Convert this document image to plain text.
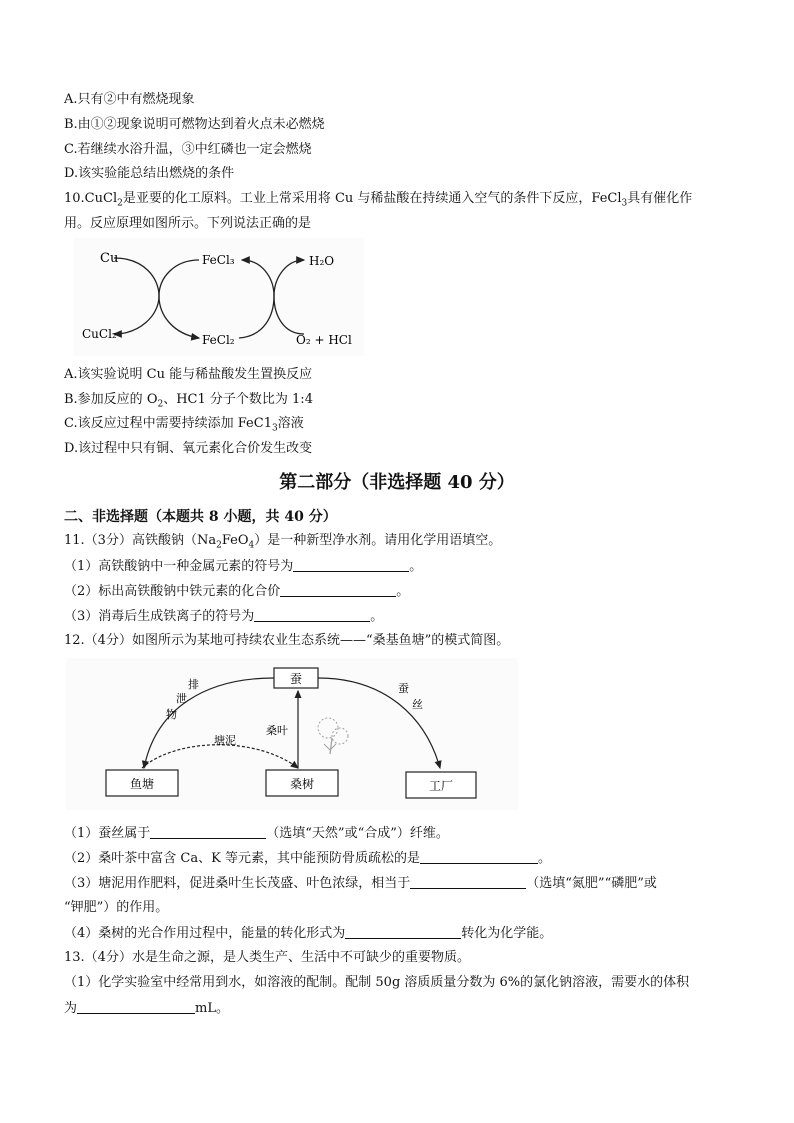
A.只有②中有燃烧现象
B.由①②现象说明可燃物达到着火点未必燃烧
C.若继续水浴升温，③中红磷也一定会燃烧
D.该实验能总结出燃烧的条件
10.CuCl$_2$是亚要的化工原料。工业上常采用将 Cu 与稀盐酸在持续通入空气的条件下反应，FeCl$_3$具有催化作
用。反应原理如图所示。下列说法正确的是
Cu	FeCl₃	H₂O
CuCl₂	FeCl₂	O₂ + HCl
A.该实验说明 Cu 能与稀盐酸发生置换反应
B.参加反应的 $O_2$、HC1 分子个数比为 1:4
C.该反应过程中需要持续添加 $FeC1_3$溶液
D.该过程中只有铜、氧元素化合价发生改变
第二部分（非选择题 40 分）
二、非选择题（本题共 8 小题，共 40 分）
11.（3分）高铁酸钠$(Na_2FeO_4)$是一种新型净水剂。请用化学用语填空。
（1）高铁酸钠中一种金属元素的符号为	。
（2）标出高铁酸钠中铁元素的化合价	。
（3）消毒后生成铁离子的符号为	。
12.（4分）如图所示为某地可持续农业生态系统——“桑基鱼塘”的模式简图。
蚕
鱼塘	桑树	工厂
排
泄
物
塘泥
桑叶
蚕
丝
（1）蚕丝属于	（选填“天然”或“合成”）纤维。
（2）桑叶茶中富含 Ca、K 等元素，其中能预防骨质疏松的是	。
（3）塘泥用作肥料，促进桑叶生长茂盛、叶色浓绿，相当于	（选填“氮肥”“磷肥”或
“钾肥”）的作用。
（4）桑树的光合作用过程中，能量的转化形式为	转化为化学能。
13.（4分）水是生命之源，是人类生产、生活中不可缺少的重要物质。
（1）化学实验室中经常用到水，如溶液的配制。配制 50g 溶质质量分数为 6%的氯化钠溶液，需要水的体积
为	mL。
